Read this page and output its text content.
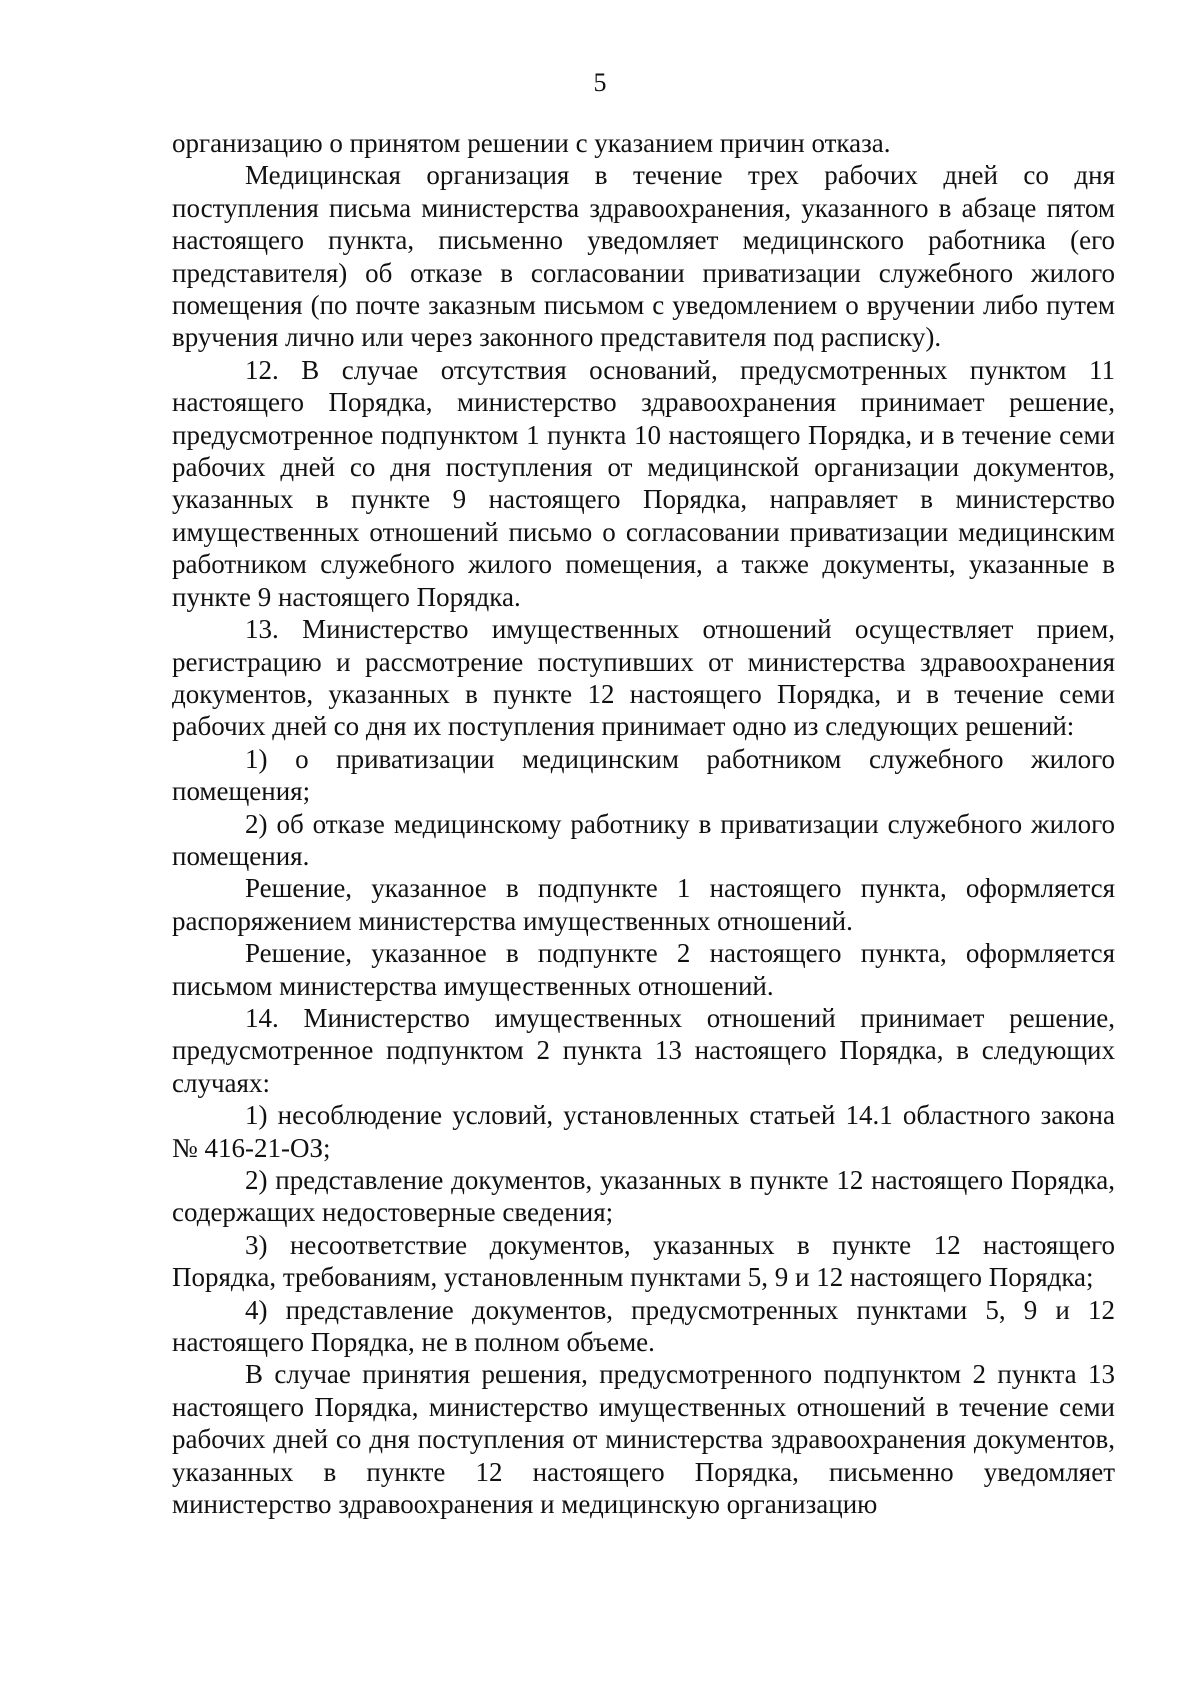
5

организацию о принятом решении с указанием причин отказа.

Медицинская организация в течение трех рабочих дней со дня поступления письма министерства здравоохранения, указанного в абзаце пятом настоящего пункта, письменно уведомляет медицинского работника (его представителя) об отказе в согласовании приватизации служебного жилого помещения (по почте заказным письмом с уведомлением о вручении либо путем вручения лично или через законного представителя под расписку).

12. В случае отсутствия оснований, предусмотренных пунктом 11 настоящего Порядка, министерство здравоохранения принимает решение, предусмотренное подпунктом 1 пункта 10 настоящего Порядка, и в течение семи рабочих дней со дня поступления от медицинской организации документов, указанных в пункте 9 настоящего Порядка, направляет в министерство имущественных отношений письмо о согласовании приватизации медицинским работником служебного жилого помещения, а также документы, указанные в пункте 9 настоящего Порядка.

13. Министерство имущественных отношений осуществляет прием, регистрацию и рассмотрение поступивших от министерства здравоохранения документов, указанных в пункте 12 настоящего Порядка, и в течение семи рабочих дней со дня их поступления принимает одно из следующих решений:

1) о приватизации медицинским работником служебного жилого помещения;

2) об отказе медицинскому работнику в приватизации служебного жилого помещения.

Решение, указанное в подпункте 1 настоящего пункта, оформляется распоряжением министерства имущественных отношений.

Решение, указанное в подпункте 2 настоящего пункта, оформляется письмом министерства имущественных отношений.

14. Министерство имущественных отношений принимает решение, предусмотренное подпунктом 2 пункта 13 настоящего Порядка, в следующих случаях:

1) несоблюдение условий, установленных статьей 14.1 областного закона № 416-21-ОЗ;

2) представление документов, указанных в пункте 12 настоящего Порядка, содержащих недостоверные сведения;

3) несоответствие документов, указанных в пункте 12 настоящего Порядка, требованиям, установленным пунктами 5, 9 и 12 настоящего Порядка;

4) представление документов, предусмотренных пунктами 5, 9 и 12 настоящего Порядка, не в полном объеме.

В случае принятия решения, предусмотренного подпунктом 2 пункта 13 настоящего Порядка, министерство имущественных отношений в течение семи рабочих дней со дня поступления от министерства здравоохранения документов, указанных в пункте 12 настоящего Порядка, письменно уведомляет министерство здравоохранения и медицинскую организацию
